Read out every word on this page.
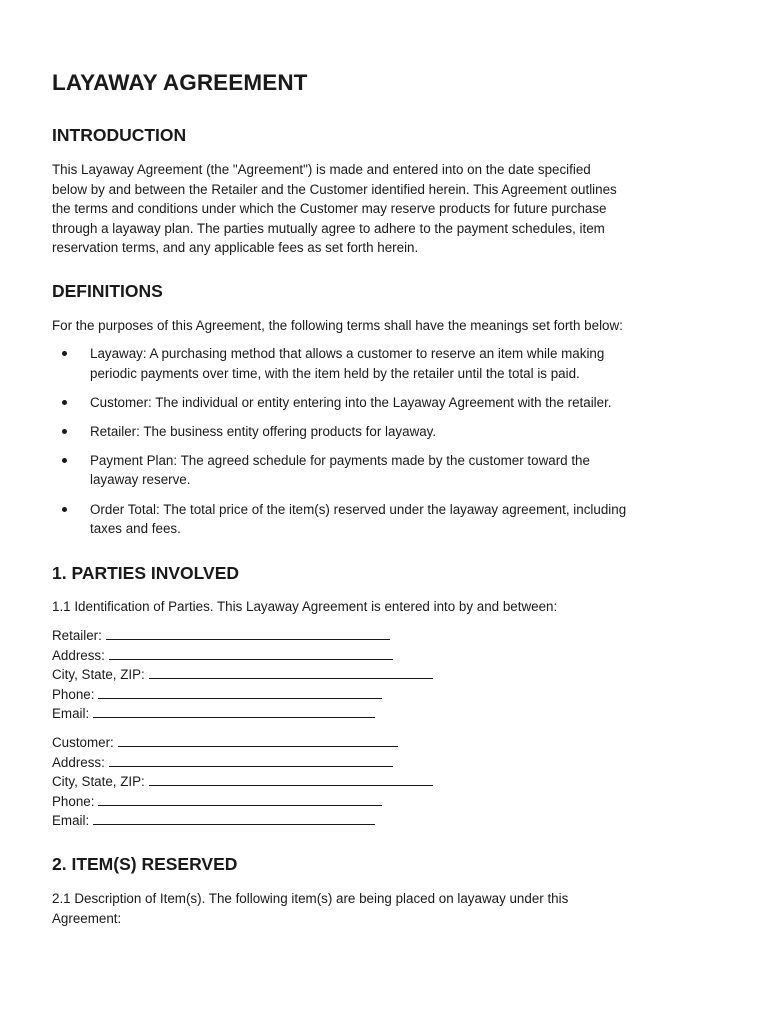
LAYAWAY AGREEMENT
INTRODUCTION
This Layaway Agreement (the "Agreement") is made and entered into on the date specified
below by and between the Retailer and the Customer identified herein. This Agreement outlines
the terms and conditions under which the Customer may reserve products for future purchase
through a layaway plan. The parties mutually agree to adhere to the payment schedules, item
reservation terms, and any applicable fees as set forth herein.
DEFINITIONS
For the purposes of this Agreement, the following terms shall have the meanings set forth below:
Layaway: A purchasing method that allows a customer to reserve an item while making
periodic payments over time, with the item held by the retailer until the total is paid.
Customer: The individual or entity entering into the Layaway Agreement with the retailer.
Retailer: The business entity offering products for layaway.
Payment Plan: The agreed schedule for payments made by the customer toward the
layaway reserve.
Order Total: The total price of the item(s) reserved under the layaway agreement, including
taxes and fees.
1. PARTIES INVOLVED
1.1 Identification of Parties. This Layaway Agreement is entered into by and between:
Retailer:
Address:
City, State, ZIP:
Phone:
Email:
Customer:
Address:
City, State, ZIP:
Phone:
Email:
2. ITEM(S) RESERVED
2.1 Description of Item(s). The following item(s) are being placed on layaway under this
Agreement:
